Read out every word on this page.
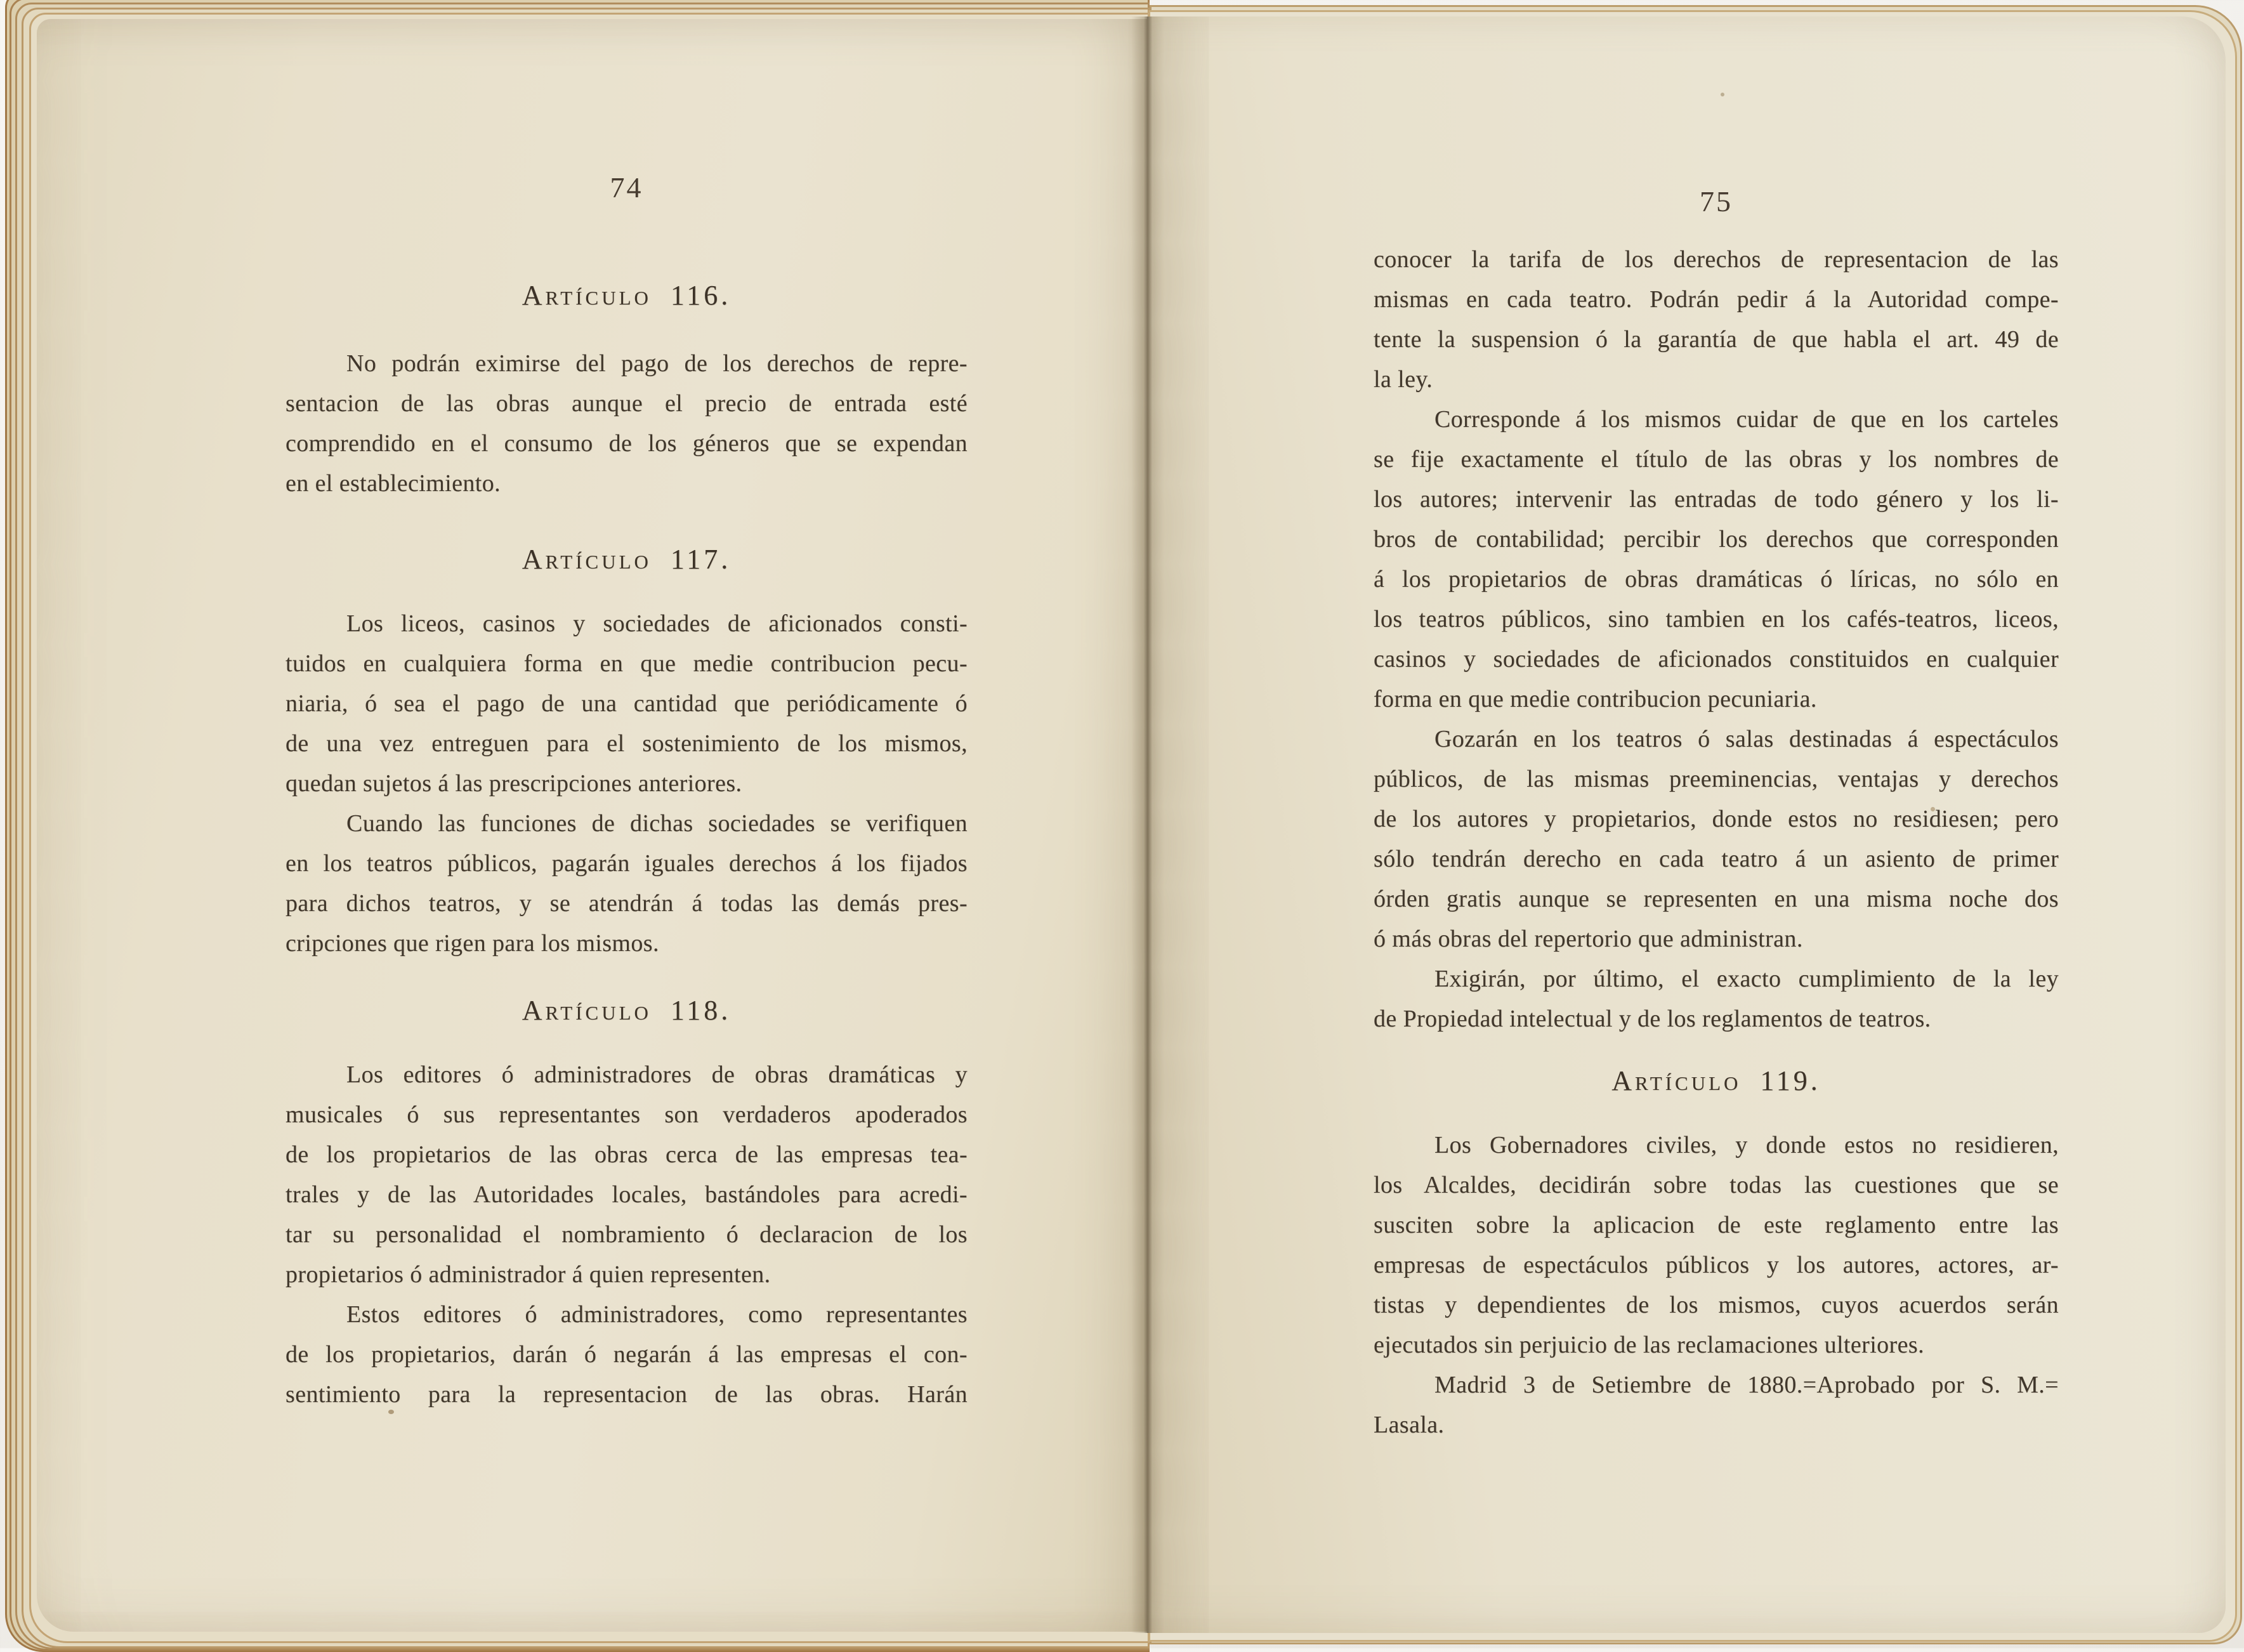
74
Artículo 116.
No podrán eximirse del pago de los derechos de repre-
sentacion de las obras aunque el precio de entrada esté
comprendido en el consumo de los géneros que se expendan
en el establecimiento.
Artículo 117.
Los liceos, casinos y sociedades de aficionados consti-
tuidos en cualquiera forma en que medie contribucion pecu-
niaria, ó sea el pago de una cantidad que periódicamente ó
de una vez entreguen para el sostenimiento de los mismos,
quedan sujetos á las prescripciones anteriores.
Cuando las funciones de dichas sociedades se verifiquen
en los teatros públicos, pagarán iguales derechos á los fijados
para dichos teatros, y se atendrán á todas las demás pres-
cripciones que rigen para los mismos.
Artículo 118.
Los editores ó administradores de obras dramáticas y
musicales ó sus representantes son verdaderos apoderados
de los propietarios de las obras cerca de las empresas tea-
trales y de las Autoridades locales, bastándoles para acredi-
tar su personalidad el nombramiento ó declaracion de los
propietarios ó administrador á quien representen.
Estos editores ó administradores, como representantes
de los propietarios, darán ó negarán á las empresas el con-
sentimiento para la representacion de las obras. Harán
75
conocer la tarifa de los derechos de representacion de las
mismas en cada teatro. Podrán pedir á la Autoridad compe-
tente la suspension ó la garantía de que habla el art. 49 de
la ley.
Corresponde á los mismos cuidar de que en los carteles
se fije exactamente el título de las obras y los nombres de
los autores; intervenir las entradas de todo género y los li-
bros de contabilidad; percibir los derechos que corresponden
á los propietarios de obras dramáticas ó líricas, no sólo en
los teatros públicos, sino tambien en los cafés-teatros, liceos,
casinos y sociedades de aficionados constituidos en cualquier
forma en que medie contribucion pecuniaria.
Gozarán en los teatros ó salas destinadas á espectáculos
públicos, de las mismas preeminencias, ventajas y derechos
de los autores y propietarios, donde estos no residiesen; pero
sólo tendrán derecho en cada teatro á un asiento de primer
órden gratis aunque se representen en una misma noche dos
ó más obras del repertorio que administran.
Exigirán, por último, el exacto cumplimiento de la ley
de Propiedad intelectual y de los reglamentos de teatros.
Artículo 119.
Los Gobernadores civiles, y donde estos no residieren,
los Alcaldes, decidirán sobre todas las cuestiones que se
susciten sobre la aplicacion de este reglamento entre las
empresas de espectáculos públicos y los autores, actores, ar-
tistas y dependientes de los mismos, cuyos acuerdos serán
ejecutados sin perjuicio de las reclamaciones ulteriores.
Madrid 3 de Setiembre de 1880.=Aprobado por S. M.=
Lasala.
